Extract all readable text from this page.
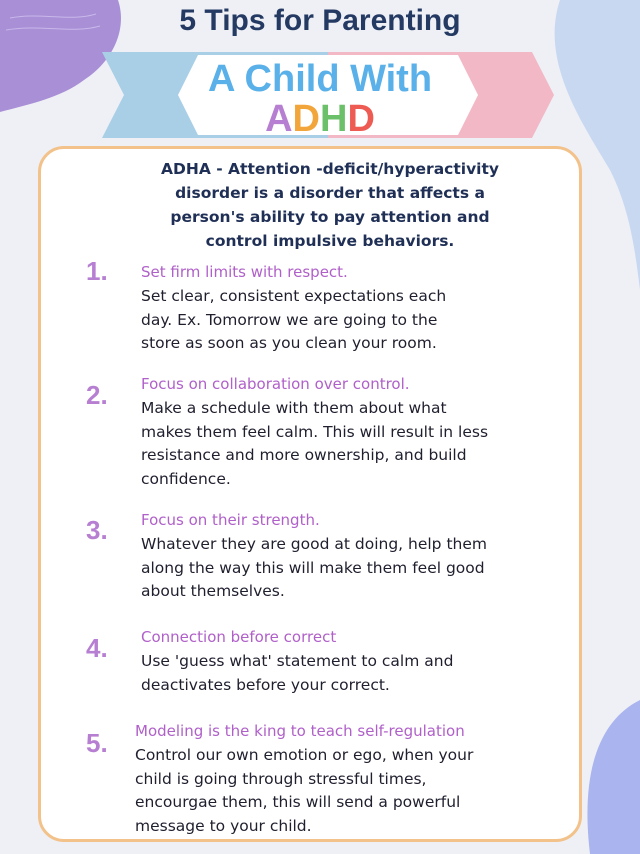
5 Tips for Parenting
A Child With
ADHD
ADHA - Attention -deficit/hyperactivity
disorder is a disorder that affects a
person's ability to pay attention and
control impulsive behaviors.
1. Set firm limits with respect.
Set clear, consistent expectations each
day. Ex. Tomorrow we are going to the
store as soon as you clean your room.
2. Focus on collaboration over control.
Make a schedule with them about what
makes them feel calm. This will result in less
resistance and more ownership, and build
confidence.
3. Focus on their strength.
Whatever they are good at doing, help them
along the way this will make them feel good
about themselves.
4. Connection before correct
Use 'guess what' statement to calm and
deactivates before your correct.
5. Modeling is the king to teach self-regulation
Control our own emotion or ego, when your
child is going through stressful times,
encourgae them, this will send a powerful
message to your child.
